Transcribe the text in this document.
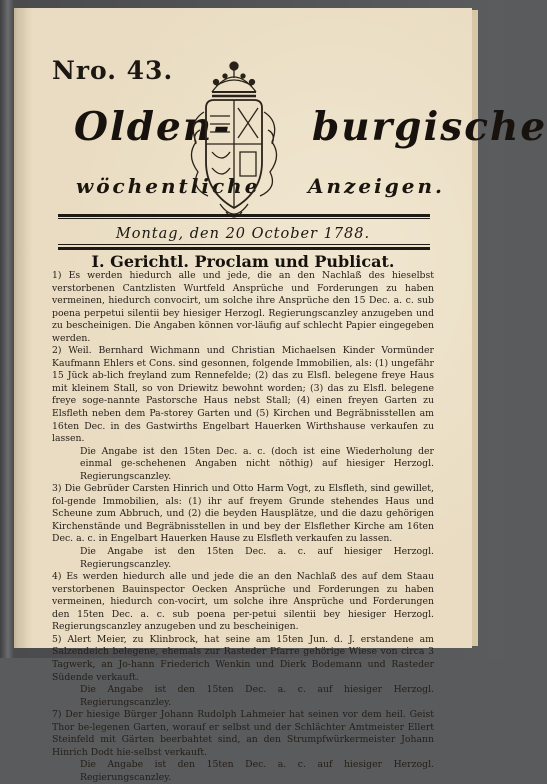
Nro. 43.
Olden- burgische
wöchentliche Anzeigen.
Montag, den 20 October 1788.
I. Gerichtl. Proclam und Publicat.

1) Es werden hiedurch alle und jede, die an den Nachlaß des hieselbst verstorbenen Cantzlisten Wurtfeld Ansprüche und Forderungen zu haben vermeinen, hiedurch convocirt, um solche ihre Ansprüche den 15 Dec. a. c. sub poena perpetui silentii bey hiesiger Herzogl. Regierungscanzley anzugeben und zu bescheinigen. Die Angaben können vor-läufig auf schlecht Papier eingegeben werden.

2) Weil. Bernhard Wichmann und Christian Michaelsen Kinder Vormünder Kaufmann Ehlers et Cons. sind gesonnen, folgende Immobilien, als: (1) ungefähr 15 Jück ab-lich freyland zum Rennefelde; (2) das zu Elsfl. belegene freye Haus mit kleinem Stall, so von Driewitz bewohnt worden; (3) das zu Elsfl. belegene freye soge-nannte Pastorsche Haus nebst Stall; (4) einen freyen Garten zu Elsfleth neben dem Pa-storey Garten und (5) Kirchen und Begräbnisstellen am 16ten Dec. in des Gastwirths Engelbart Hauerken Wirthshause verkaufen zu lassen.

Die Angabe ist den 15ten Dec. a. c. (doch ist eine Wiederholung der einmal ge-schehenen Angaben nicht nöthig) auf hiesiger Herzogl. Regierungscanzley.

3) Die Gebrüder Carsten Hinrich und Otto Harm Vogt, zu Elsfleth, sind gewillet, fol-gende Immobilien, als: (1) ihr auf freyem Grunde stehendes Haus und Scheune zum Abbruch, und (2) die beyden Hausplätze, und die dazu gehörigen Kirchenstände und Begräbnisstellen in und bey der Elsflether Kirche am 16ten Dec. a. c. in Engelbart Hauerken Hause zu Elsfleth verkaufen zu lassen.

Die Angabe ist den 15ten Dec. a. c. auf hiesiger Herzogl. Regierungscanzley.

4) Es werden hiedurch alle und jede die an den Nachlaß des auf dem Staau verstorbenen Bauinspector Oecken Ansprüche und Forderungen zu haben vermeinen, hiedurch con-vocirt, um solche ihre Ansprüche und Forderungen den 15ten Dec. a. c. sub poena per-petui silentii bey hiesiger Herzogl. Regierungscanzley anzugeben und zu bescheinigen.

5) Alert Meier, zu Klinbrock, hat seine am 15ten Jun. d. J. erstandene am Salzendeich belegene, ehemals zur Rasteder Pfarre gehörige Wiese von circa 3 Tagwerk, an Jo-hann Friederich Wenkin und Dierk Bodemann und Rasteder Südende verkauft.

Die Angabe ist den 15ten Dec. a. c. auf hiesiger Herzogl. Regierungscanzley.

7) Der hiesige Bürger Johann Rudolph Lahmeier hat seinen vor dem heil. Geist Thor be-legenen Garten, worauf er selbst und der Schlächter Amtmeister Ellert Steinfeld mit Gärten beerbahtet sind, an den Strumpfwürkermeister Johann Hinrich Dodt hie-selbst verkauft.

Die Angabe ist den 15ten Dec. a. c. auf hiesiger Herzogl. Regierungscanzley.
